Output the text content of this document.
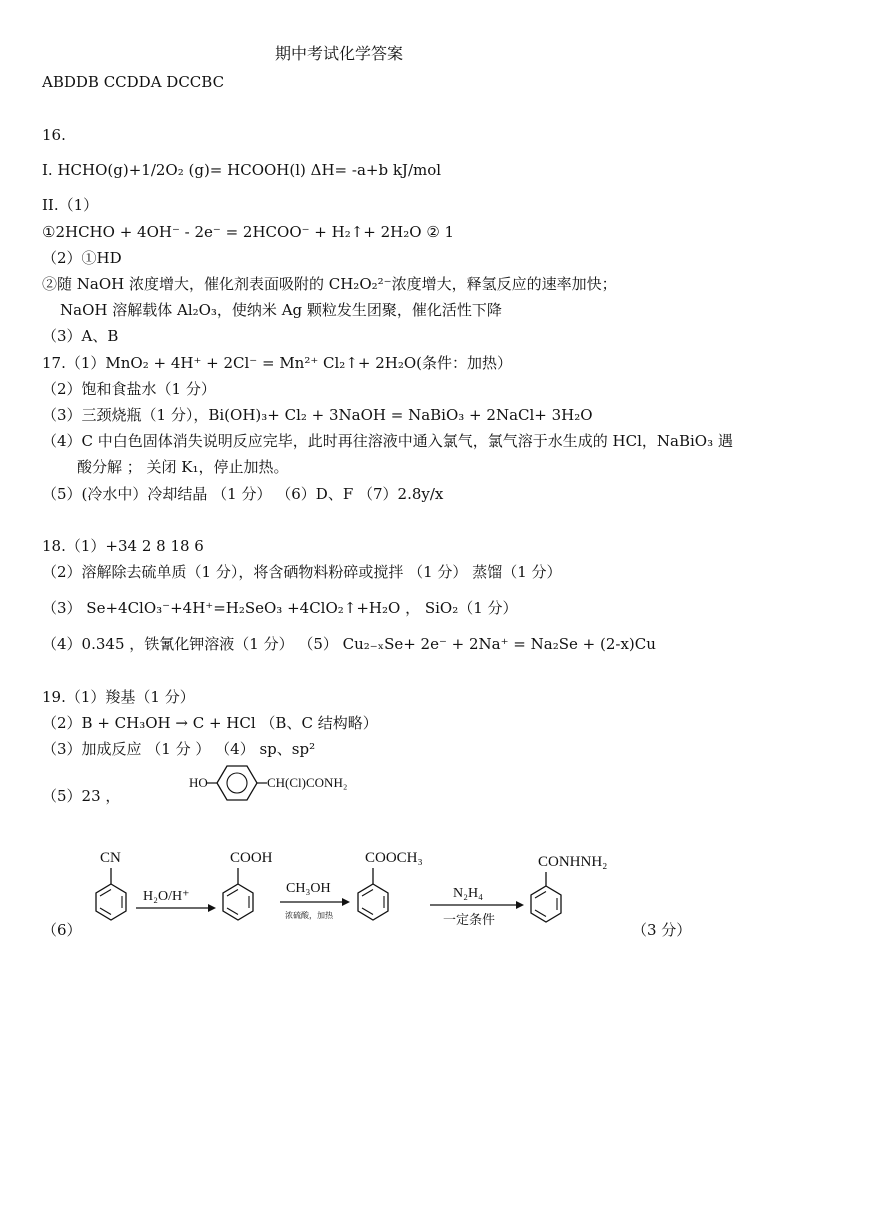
期中考试化学答案
ABDDB CCDDA DCCBC
16.
I. HCHO(g)+1/2O₂ (g)= HCOOH(l) ΔH= -a+b kJ/mol
II.（1）
①2HCHO + 4OH⁻ - 2e⁻ = 2HCOO⁻ + H₂↑+ 2H₂O ② 1
（2）①HD
②随 NaOH 浓度增大，催化剂表面吸附的 CH₂O₂²⁻浓度增大，释氢反应的速率加快；
NaOH 溶解载体 Al₂O₃，使纳米 Ag 颗粒发生团聚，催化活性下降
（3）A、B
17.（1）MnO₂ + 4H⁺ + 2Cl⁻ = Mn²⁺ Cl₂↑+ 2H₂O(条件：加热）
（2）饱和食盐水（1 分）
（3）三颈烧瓶（1 分），Bi(OH)₃+ Cl₂ + 3NaOH = NaBiO₃ + 2NaCl+ 3H₂O
（4）C 中白色固体消失说明反应完毕，此时再往溶液中通入氯气，氯气溶于水生成的 HCl，NaBiO₃ 遇
酸分解 ； 关闭 K₁，停止加热。
（5）(冷水中）冷却结晶 （1 分） （6）D、F （7）2.8y/x
18.（1）+34 2 8 18 6
（2）溶解除去硫单质（1 分），将含硒物料粉碎或搅拌 （1 分） 蒸馏（1 分）
（3） Se+4ClO₃⁻+4H⁺=H₂SeO₃ +4ClO₂↑+H₂O ， SiO₂（1 分）
（4）0.345 ，铁氰化钾溶液（1 分） （5） Cu₂₋ₓSe+ 2e⁻ + 2Na⁺ = Na₂Se + (2-x)Cu
19.（1）羧基（1 分）
（2）B + CH₃OH → C + HCl （B、C 结构略）
（3）加成反应 （1 分 ） （4） sp、sp²
（5）23 ，
HO	CH(Cl)CONH₂
（6）	（3 分）
CN
H₂O/H⁺
COOH
CH₃OH
浓硫酸，加热
COOCH₃
N₂H₄
一定条件
CONHNH₂
